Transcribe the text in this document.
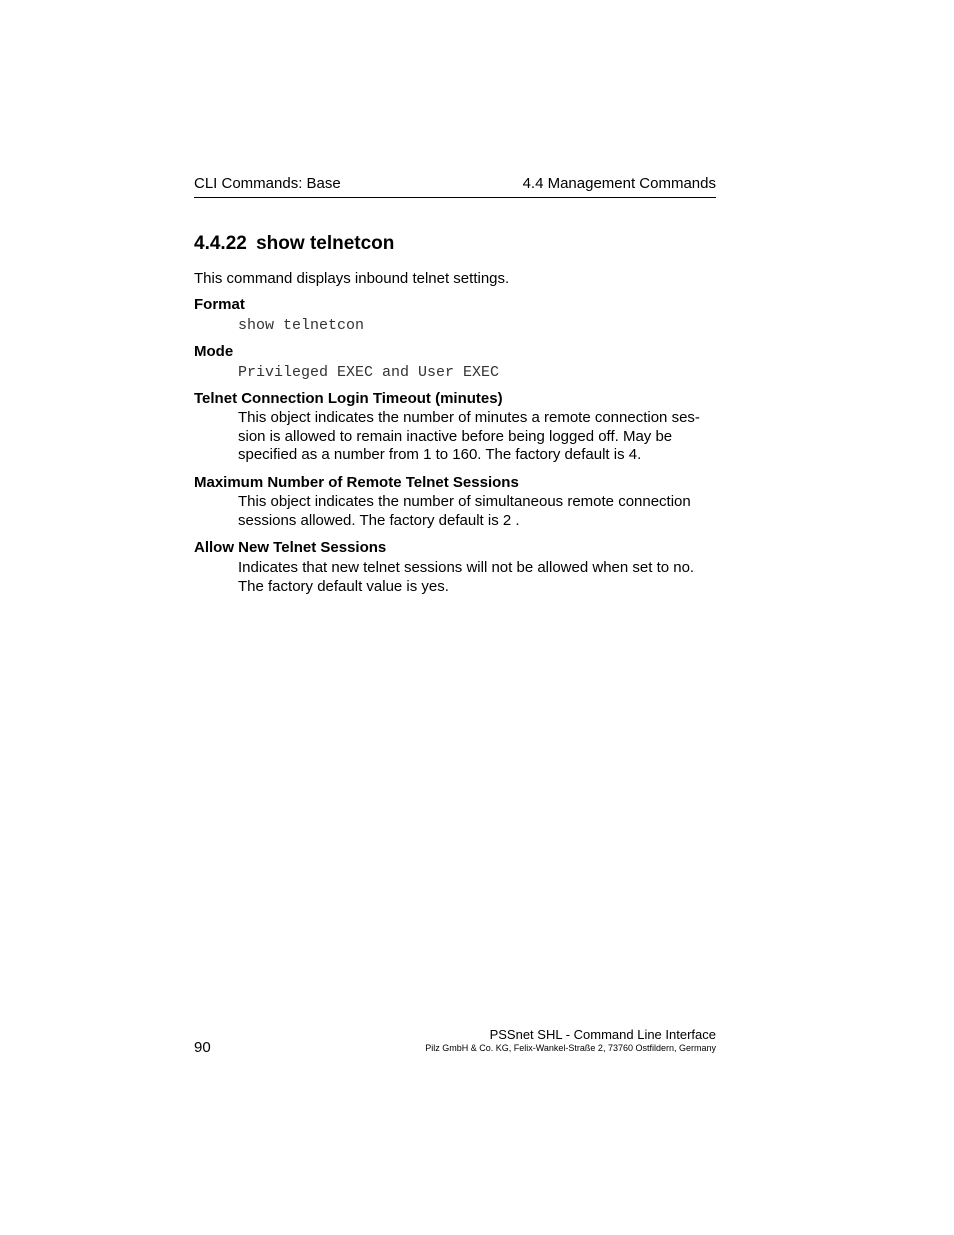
CLI Commands: Base	4.4 Management Commands
4.4.22 show telnetcon

This command displays inbound telnet settings.

Format

show telnetcon

Mode

Privileged EXEC and User EXEC

Telnet Connection Login Timeout (minutes)

This object indicates the number of minutes a remote connection ses-
sion is allowed to remain inactive before being logged off. May be
specified as a number from 1 to 160. The factory default is 4.

Maximum Number of Remote Telnet Sessions

This object indicates the number of simultaneous remote connection
sessions allowed. The factory default is 2 .

Allow New Telnet Sessions

Indicates that new telnet sessions will not be allowed when set to no.
The factory default value is yes.
90
PSSnet SHL - Command Line Interface
Pilz GmbH & Co. KG, Felix-Wankel-Straße 2, 73760 Ostfildern, Germany
